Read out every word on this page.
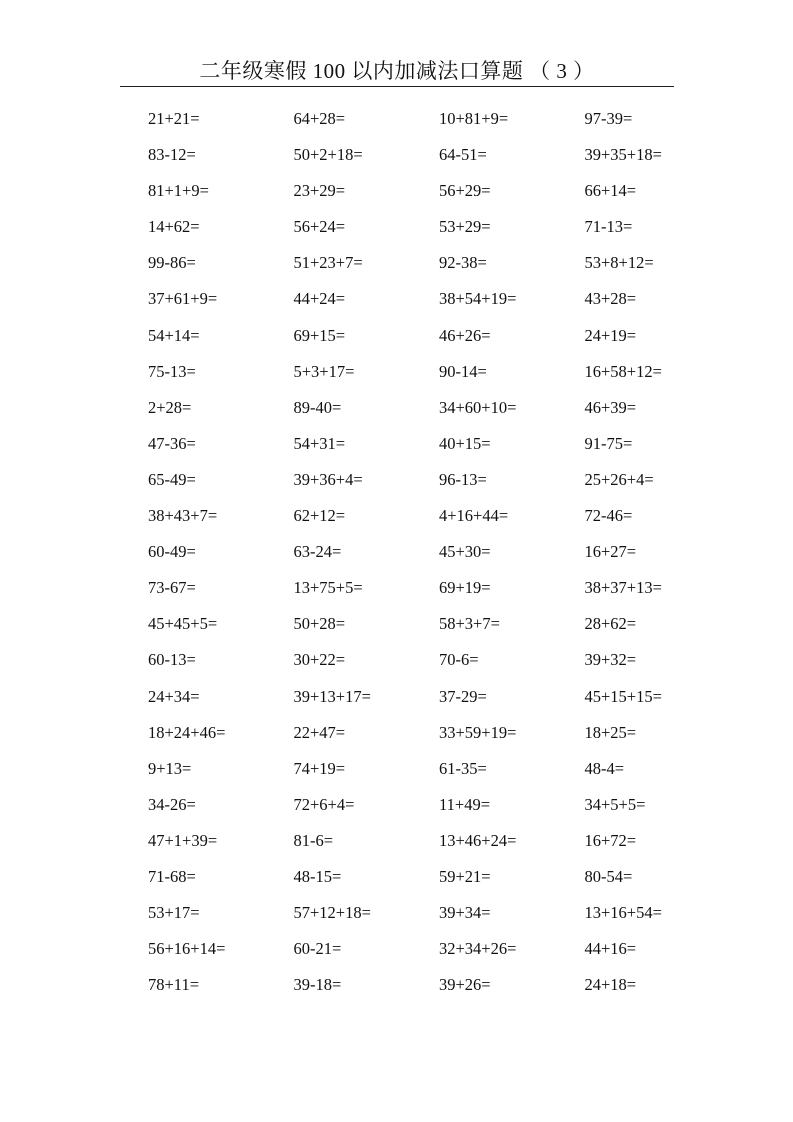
二年级寒假 100 以内加减法口算题 （ 3 ）
21+21=	64+28=	10+81+9=	97-39=
83-12=	50+2+18=	64-51=	39+35+18=
81+1+9=	23+29=	56+29=	66+14=
14+62=	56+24=	53+29=	71-13=
99-86=	51+23+7=	92-38=	53+8+12=
37+61+9=	44+24=	38+54+19=	43+28=
54+14=	69+15=	46+26=	24+19=
75-13=	5+3+17=	90-14=	16+58+12=
2+28=	89-40=	34+60+10=	46+39=
47-36=	54+31=	40+15=	91-75=
65-49=	39+36+4=	96-13=	25+26+4=
38+43+7=	62+12=	4+16+44=	72-46=
60-49=	63-24=	45+30=	16+27=
73-67=	13+75+5=	69+19=	38+37+13=
45+45+5=	50+28=	58+3+7=	28+62=
60-13=	30+22=	70-6=	39+32=
24+34=	39+13+17=	37-29=	45+15+15=
18+24+46=	22+47=	33+59+19=	18+25=
9+13=	74+19=	61-35=	48-4=
34-26=	72+6+4=	11+49=	34+5+5=
47+1+39=	81-6=	13+46+24=	16+72=
71-68=	48-15=	59+21=	80-54=
53+17=	57+12+18=	39+34=	13+16+54=
56+16+14=	60-21=	32+34+26=	44+16=
78+11=	39-18=	39+26=	24+18=
